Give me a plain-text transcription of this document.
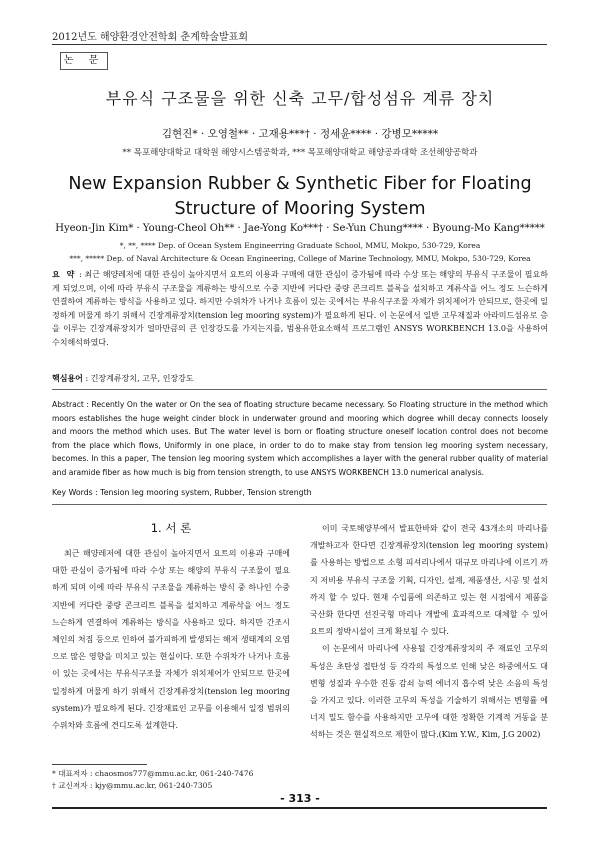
2012년도 해양환경안전학회 춘계학술발표회
논 문
부유식 구조물을 위한 신축 고무/합성섬유 계류 장치
김현진* · 오영철** · 고재용***† · 정세윤**** · 강병모*****
** 목포해양대학교 대학원 해양시스템공학과, *** 목포해양대학교 해양공과대학 조선해양공학과
New Expansion Rubber & Synthetic Fiber for Floating Structure of Mooring System
Hyeon-Jin Kim* · Young-Cheol Oh** · Jae-Yong Ko***† · Se-Yun Chung**** · Byoung-Mo Kang*****
*, **, **** Dep. of Ocean System Engineerring Graduate School, MMU, Mokpo, 530-729, Korea
***, ***** Dep. of Naval Architecture & Ocean Engineering, College of Marine Technology, MMU, Mokpo, 530-729, Korea
요 약 : 최근 해양레저에 대한 관심이 높아지면서 요트의 이용과 구매에 대한 관심이 증가됨에 따라 수상 또는 해양의 부유식 구조물이 필요하게 되었으며, 이에 따라 부유식 구조물을 계류하는 방식으로 수중 지반에 커다란 중량 콘크리트 블록을 설치하고 계류삭을 어느 정도 느슨하게 연결하여 계류하는 방식을 사용하고 있다. 하지만 수위차가 나거나 흐름이 있는 곳에서는 부유식구조물 자체가 위치제어가 안되므로, 한곳에 일정하게 머물게 하기 위해서 긴장계류장치(tension leg mooring system)가 필요하게 된다. 이 논문에서 일반 고무재질과 아라미드섬유로 층을 이루는 긴장계류장치가 얼마만큼의 큰 인장강도를 가지는지를, 범용유한요소해석 프로그램인 ANSYS WORKBENCH 13.0을 사용하여 수치해석하였다.
핵심용어 : 긴장계류장치, 고무, 인장강도
Abstract : Recently On the water or On the sea of floating structure became necessary. So Floating structure in the method which moors establishes the huge weight cinder block in underwater ground and mooring which dogree whill decay connects loosely and moors the method which uses. But The water level is born or floating structure oneself location control does not become from the place which flows, Uniformly in one place, in order to do to make stay from tension leg mooring system necessary, becomes. In this a paper, The tension leg mooring system which accomplishes a layer with the general rubber quality of material and aramide fiber as how much is big from tension strength, to use ANSYS WORKBENCH 13.0 numerical analysis.
Key Words : Tension leg mooring system, Rubber, Tension strength
1. 서 론

최근 해양레저에 대한 관심이 높아지면서 요트의 이용과 구매에 대한 관심이 증가됨에 따라 수상 또는 해양의 부유식 구조물이 필요하게 되며 이에 따라 부유식 구조물을 계류하는 방식 중 하나인 수중지반에 커다란 중량 콘크리트 블록을 설치하고 계류삭을 어느 정도 느슨하게 연결하여 계류하는 방식을 사용하고 있다. 하지만 간조시 체인의 처짐 등으로 인하여 불가피하게 발생되는 해저 생태계의 오염으로 많은 영향을 미치고 있는 현실이다. 또한 수위차가 나거나 흐름이 있는 곳에서는 부유식구조물 자체가 위치제어가 안되므로 한곳에 일정하게 머물게 하기 위해서 긴장계류장치(tension leg mooring system)가 필요하게 된다. 긴장재료인 고무를 이용해서 일정 범위의 수위차와 흐름에 견디도록 설계한다.

이미 국토해양부에서 발표한바와 같이 전국 43개소의 마리나를 개발하고자 한다면 긴장계류장치(tension leg mooring system)를 사용하는 방법으로 소형 피셔리나에서 대규모 마리나에 이르기 까지 저비용 부유식 구조물 기획, 디자인, 설계, 제품생산, 시공 및 설치까지 할 수 있다. 현재 수입품에 의존하고 있는 현 시점에서 제품을 국산화 한다면 선진국형 마리나 개발에 효과적으로 대체할 수 있어 요트의 정박시설이 크게 확보될 수 있다.

이 논문에서 마리나에 사용될 긴장계류장치의 주 재료인 고무의 특성은 초탄성 접탄성 등 각각의 특성으로 인해 낮은 하중에서도 대변형 성질과 우수한 진동 감쇠 능력 에너지 흡수력 낮은 소음의 특성을 가지고 있다. 이러한 고무의 특성을 기술하기 위해서는 변형률 에너지 밀도 함수를 사용하지만 고무에 대한 정확한 기계적 거동을 분석하는 것은 현실적으로 제한이 많다.(Kim Y.W., Kim, J.G 2002)

* 대표저자 : chaosmos777@mmu.ac.kr, 061-240-7476
† 교신저자 : kjy@mmu.ac.kr, 061-240-7305
- 313 -
